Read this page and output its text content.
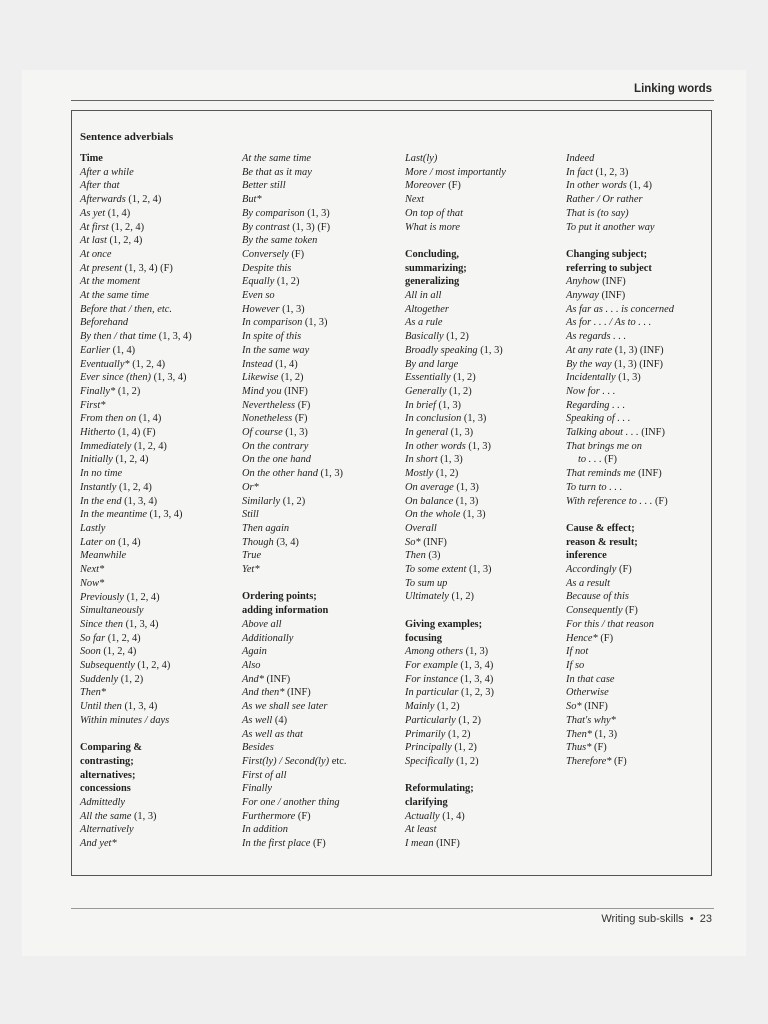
Linking words
Sentence adverbials
Time
After a while
After that
Afterwards (1, 2, 4)
As yet (1, 4)
At first (1, 2, 4)
At last (1, 2, 4)
At once
At present (1, 3, 4) (F)
At the moment
At the same time
Before that / then, etc.
Beforehand
By then / that time (1, 3, 4)
Earlier (1, 4)
Eventually* (1, 2, 4)
Ever since (then) (1, 3, 4)
Finally* (1, 2)
First*
From then on (1, 4)
Hitherto (1, 4) (F)
Immediately (1, 2, 4)
Initially (1, 2, 4)
In no time
Instantly (1, 2, 4)
In the end (1, 3, 4)
In the meantime (1, 3, 4)
Lastly
Later on (1, 4)
Meanwhile
Next*
Now*
Previously (1, 2, 4)
Simultaneously
Since then (1, 3, 4)
So far (1, 2, 4)
Soon (1, 2, 4)
Subsequently (1, 2, 4)
Suddenly (1, 2)
Then*
Until then (1, 3, 4)
Within minutes / days
Comparing &
contrasting;
alternatives;
concessions
Admittedly
All the same (1, 3)
Alternatively
And yet*
At the same time
Be that as it may
Better still
But*
By comparison (1, 3)
By contrast (1, 3) (F)
By the same token
Conversely (F)
Despite this
Equally (1, 2)
Even so
However (1, 3)
In comparison (1, 3)
In spite of this
In the same way
Instead (1, 4)
Likewise (1, 2)
Mind you (INF)
Nevertheless (F)
Nonetheless (F)
Of course (1, 3)
On the contrary
On the one hand
On the other hand (1, 3)
Or*
Similarly (1, 2)
Still
Then again
Though (3, 4)
True
Yet*
Ordering points;
adding information
Above all
Additionally
Again
Also
And* (INF)
And then* (INF)
As we shall see later
As well (4)
As well as that
Besides
First(ly) / Second(ly) etc.
First of all
Finally
For one / another thing
Furthermore (F)
In addition
In the first place (F)
Last(ly)
More / most importantly
Moreover (F)
Next
On top of that
What is more
Concluding,
summarizing;
generalizing
All in all
Altogether
As a rule
Basically (1, 2)
Broadly speaking (1, 3)
By and large
Essentially (1, 2)
Generally (1, 2)
In brief (1, 3)
In conclusion (1, 3)
In general (1, 3)
In other words (1, 3)
In short (1, 3)
Mostly (1, 2)
On average (1, 3)
On balance (1, 3)
On the whole (1, 3)
Overall
So* (INF)
Then (3)
To some extent (1, 3)
To sum up
Ultimately (1, 2)
Giving examples;
focusing
Among others (1, 3)
For example (1, 3, 4)
For instance (1, 3, 4)
In particular (1, 2, 3)
Mainly (1, 2)
Particularly (1, 2)
Primarily (1, 2)
Principally (1, 2)
Specifically (1, 2)
Reformulating;
clarifying
Actually (1, 4)
At least
I mean (INF)
Indeed
In fact (1, 2, 3)
In other words (1, 4)
Rather / Or rather
That is (to say)
To put it another way
Changing subject;
referring to subject
Anyhow (INF)
Anyway (INF)
As far as . . . is concerned
As for . . . / As to . . .
As regards . . .
At any rate (1, 3) (INF)
By the way (1, 3) (INF)
Incidentally (1, 3)
Now for . . .
Regarding . . .
Speaking of . . .
Talking about . . . (INF)
That brings me on
to . . . (F)
That reminds me (INF)
To turn to . . .
With reference to . . . (F)
Cause & effect;
reason & result;
inference
Accordingly (F)
As a result
Because of this
Consequently (F)
For this / that reason
Hence* (F)
If not
If so
In that case
Otherwise
So* (INF)
That's why*
Then* (1, 3)
Thus* (F)
Therefore* (F)
Writing sub-skills • 23
